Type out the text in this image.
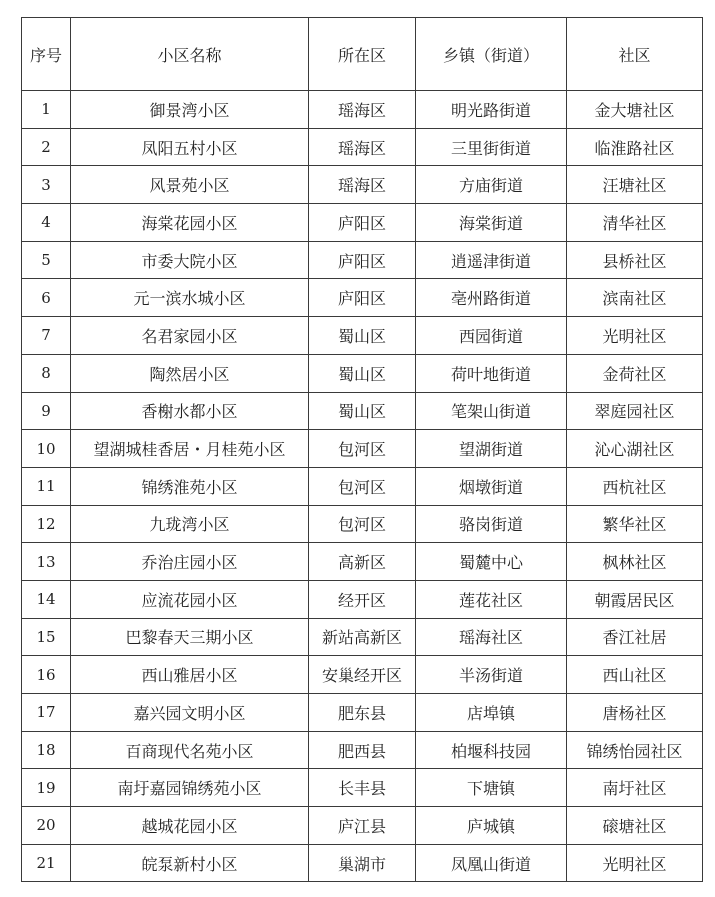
序号	小区名称	所在区	乡镇（街道）	社区
1	御景湾小区	瑶海区	明光路街道	金大塘社区
2	凤阳五村小区	瑶海区	三里街街道	临淮路社区
3	风景苑小区	瑶海区	方庙街道	汪塘社区
4	海棠花园小区	庐阳区	海棠街道	清华社区
5	市委大院小区	庐阳区	逍遥津街道	县桥社区
6	元一滨水城小区	庐阳区	亳州路街道	滨南社区
7	名君家园小区	蜀山区	西园街道	光明社区
8	陶然居小区	蜀山区	荷叶地街道	金荷社区
9	香榭水都小区	蜀山区	笔架山街道	翠庭园社区
10	望湖城桂香居・月桂苑小区	包河区	望湖街道	沁心湖社区
11	锦绣淮苑小区	包河区	烟墩街道	西杭社区
12	九珑湾小区	包河区	骆岗街道	繁华社区
13	乔治庄园小区	高新区	蜀麓中心	枫林社区
14	应流花园小区	经开区	莲花社区	朝霞居民区
15	巴黎春天三期小区	新站高新区	瑶海社区	香江社居
16	西山雅居小区	安巢经开区	半汤街道	西山社区
17	嘉兴园文明小区	肥东县	店埠镇	唐杨社区
18	百商现代名苑小区	肥西县	柏堰科技园	锦绣怡园社区
19	南圩嘉园锦绣苑小区	长丰县	下塘镇	南圩社区
20	越城花园小区	庐江县	庐城镇	磙塘社区
21	皖泵新村小区	巢湖市	凤凰山街道	光明社区
